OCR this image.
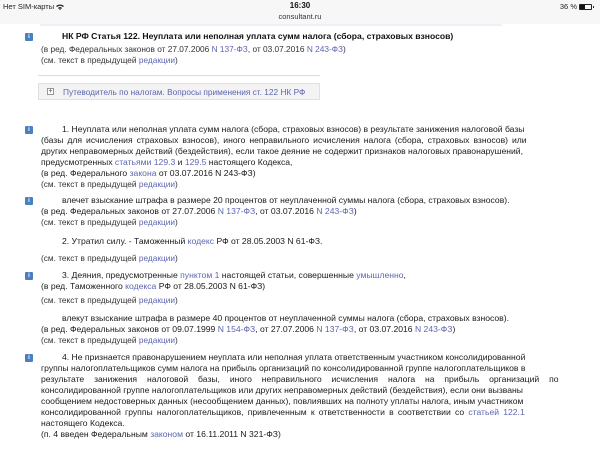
Нет SIM-карты	16:30
consultant.ru
36 %
i	НК РФ Статья 122. Неуплата или неполная уплата сумм налога (сбора, страховых взносов)
(в ред. Федеральных законов от 27.07.2006 N 137-ФЗ, от 03.07.2016 N 243-ФЗ)
(см. текст в предыдущей редакции)
+ Путеводитель по налогам. Вопросы применения ст. 122 НК РФ
i	1. Неуплата или неполная уплата сумм налога (сбора, страховых взносов) в результате занижения налоговой базы
(базы для исчисления страховых взносов), иного неправильного исчисления налога (сбора, страховых взносов) или
других неправомерных действий (бездействия), если такое деяние не содержит признаков налоговых правонарушений,
предусмотренных статьями 129.3 и 129.5 настоящего Кодекса,
(в ред. Федерального закона от 03.07.2016 N 243-ФЗ)
(см. текст в предыдущей редакции)
i	влечет взыскание штрафа в размере 20 процентов от неуплаченной суммы налога (сбора, страховых взносов).
(в ред. Федеральных законов от 27.07.2006 N 137-ФЗ, от 03.07.2016 N 243-ФЗ)
(см. текст в предыдущей редакции)
2. Утратил силу. - Таможенный кодекс РФ от 28.05.2003 N 61-ФЗ.
(см. текст в предыдущей редакции)
i	3. Деяния, предусмотренные пунктом 1 настоящей статьи, совершенные умышленно,
(в ред. Таможенного кодекса РФ от 28.05.2003 N 61-ФЗ)
(см. текст в предыдущей редакции)
влекут взыскание штрафа в размере 40 процентов от неуплаченной суммы налога (сбора, страховых взносов).
(в ред. Федеральных законов от 09.07.1999 N 154-ФЗ, от 27.07.2006 N 137-ФЗ, от 03.07.2016 N 243-ФЗ)
(см. текст в предыдущей редакции)
i	4. Не признается правонарушением неуплата или неполная уплата ответственным участником консолидированной
группы налогоплательщиков сумм налога на прибыль организаций по консолидированной группе налогоплательщиков в
результате занижения налоговой базы, иного неправильного исчисления налога на прибыль организаций по
консолидированной группе налогоплательщиков или других неправомерных действий (бездействия), если они вызваны
сообщением недостоверных данных (несообщением данных), повлиявших на полноту уплаты налога, иным участником
консолидированной группы налогоплательщиков, привлеченным к ответственности в соответствии со статьей 122.1
настоящего Кодекса.
(п. 4 введен Федеральным законом от 16.11.2011 N 321-ФЗ)
